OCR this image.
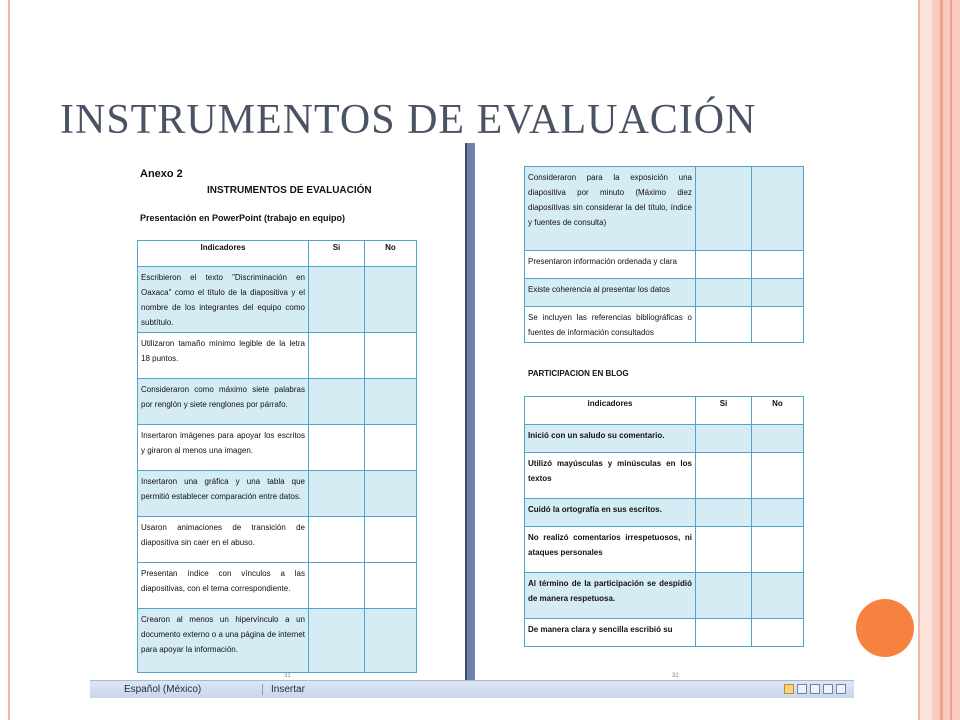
INSTRUMENTOS DE EVALUACIÓN
Anexo 2
INSTRUMENTOS DE EVALUACIÓN
Presentación en PowerPoint (trabajo en equipo)
Indicadores	Si	No
Escribieron el texto "Discriminación en Oaxaca" como el título de la diapositiva y el nombre de los integrantes del equipo como subtítulo.		
Utilizaron tamaño mínimo legible de la letra 18 puntos.		
Consideraron como máximo siete palabras por renglón y siete renglones por párrafo.		
Insertaron imágenes para apoyar los escritos y giraron al menos una imagen.		
Insertaron una gráfica y una tabla que permitió establecer comparación entre datos.		
Usaron animaciones de transición de diapositiva sin caer en el abuso.		
Presentan índice con vínculos a las diapositivas, con el tema correspondiente.		
Crearon al menos un hipervínculo a un documento externo o a una página de internet para apoyar la información.		
31	32
Consideraron para la exposición una diapositiva por minuto (Máximo diez diapositivas sin considerar la del título, índice y fuentes de consulta)		
Presentaron información ordenada y clara		
Existe coherencia al presentar los datos		
Se incluyen las referencias bibliográficas o fuentes de información consultados		
PARTICIPACION EN BLOG
indicadores	Si	No
Inició con un saludo su comentario.		
Utilizó mayúsculas y minúsculas en los textos		
Cuidó la ortografía en sus escritos.		
No realizó comentarios irrespetuosos, ni ataques personales		
Al término de la participación se despidió de manera respetuosa.		
De manera clara y sencilla escribió su		
Español (México)	Insertar
